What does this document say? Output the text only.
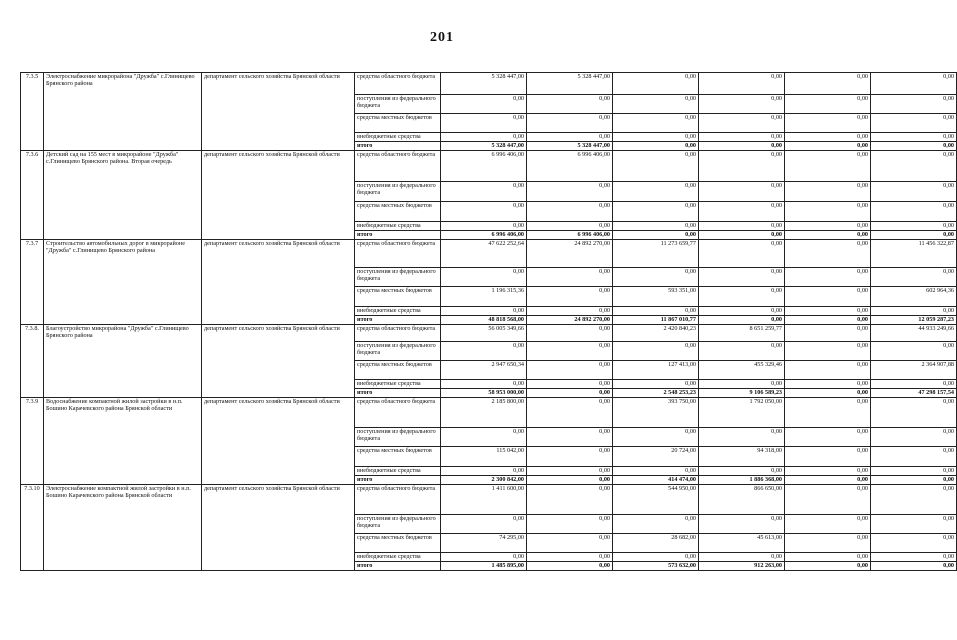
201
7.3.5	Электроснабжение микрорайона "Дружба" с.Глинищево Брянского района	департамент сельского хозяйства Брянской области	средства областного бюджета	5 328 447,00	5 328 447,00	0,00	0,00	0,00	0,00
			поступления из федерального бюджета	0,00	0,00	0,00	0,00	0,00	0,00
			средства местных бюджетов	0,00	0,00	0,00	0,00	0,00	0,00
			внебюджетные средства	0,00	0,00	0,00	0,00	0,00	0,00
			итого	5 328 447,00	5 328 447,00	0,00	0,00	0,00	0,00
7.3.6	Детский сад на 155 мест в микрорайоне "Дружба" с.Глинищево Брянского района. Вторая очередь	департамент сельского хозяйства Брянской области	средства областного бюджета	6 996 406,00	6 996 406,00	0,00	0,00	0,00	0,00
			поступления из федерального бюджета	0,00	0,00	0,00	0,00	0,00	0,00
			средства местных бюджетов	0,00	0,00	0,00	0,00	0,00	0,00
			внебюджетные средства	0,00	0,00	0,00	0,00	0,00	0,00
			итого	6 996 406,00	6 996 406,00	0,00	0,00	0,00	0,00
7.3.7	Строительство автомобильных дорог в микрорайоне "Дружба" с.Глинищево Брянского района	департамент сельского хозяйства Брянской области	средства областного бюджета	47 622 252,64	24 892 270,00	11 273 659,77	0,00	0,00	11 456 322,87
			поступления из федерального бюджета	0,00	0,00	0,00	0,00	0,00	0,00
			средства местных бюджетов	1 196 315,36	0,00	593 351,00	0,00	0,00	602 964,36
			внебюджетные средства	0,00	0,00	0,00	0,00	0,00	0,00
			итого	48 818 568,00	24 892 270,00	11 867 010,77	0,00	0,00	12 059 287,23
7.3.8.	Благоустройство микрорайона "Дружба" с.Глинищево Брянского района	департамент сельского хозяйства Брянской области	средства областного бюджета	56 005 349,66	0,00	2 420 840,23	8 651 259,77	0,00	44 933 249,66
			поступления из федерального бюджета	0,00	0,00	0,00	0,00	0,00	0,00
			средства местных бюджетов	2 947 650,34	0,00	127 413,00	455 329,46	0,00	2 364 907,88
			внебюджетные средства	0,00	0,00	0,00	0,00	0,00	0,00
			итого	58 953 000,00	0,00	2 548 253,23	9 106 589,23	0,00	47 298 157,54
7.3.9	Водоснабжение компактной жилой застройки в н.п. Бошино Карачевского района Брянской области	департамент сельского хозяйства Брянской области	средства областного бюджета	2 185 800,00	0,00	393 750,00	1 792 050,00	0,00	0,00
			поступления из федерального бюджета	0,00	0,00	0,00	0,00	0,00	0,00
			средства местных бюджетов	115 042,00	0,00	20 724,00	94 318,00	0,00	0,00
			внебюджетные средства	0,00	0,00	0,00	0,00	0,00	0,00
			итого	2 300 842,00	0,00	414 474,00	1 886 368,00	0,00	0,00
7.3.10	Электроснабжение компактной жилой застройки в н.п. Бошино Карачевского района Брянской области	департамент сельского хозяйства Брянской области	средства областного бюджета	1 411 600,00	0,00	544 950,00	866 650,00	0,00	0,00
			поступления из федерального бюджета	0,00	0,00	0,00	0,00	0,00	0,00
			средства местных бюджетов	74 295,00	0,00	28 682,00	45 613,00	0,00	0,00
			внебюджетные средства	0,00	0,00	0,00	0,00	0,00	0,00
			итого	1 485 895,00	0,00	573 632,00	912 263,00	0,00	0,00
